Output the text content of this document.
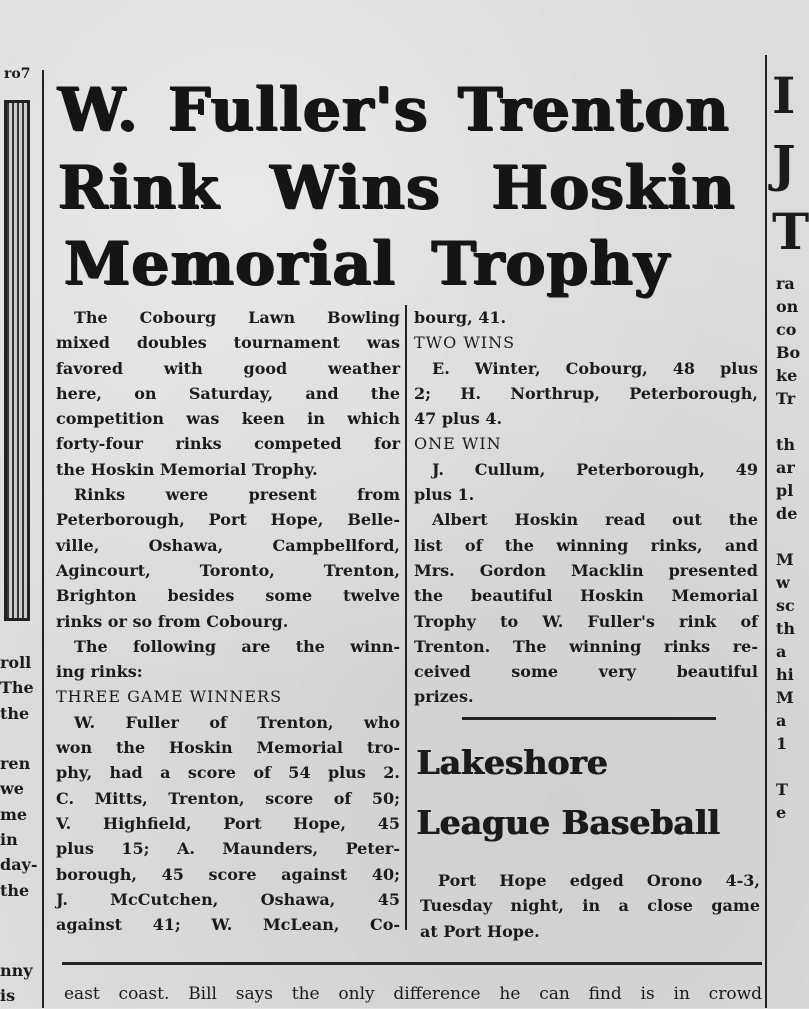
ro7
W. Fuller's Trenton
Rink Wins Hoskin
Memorial Trophy
The Cobourg Lawn Bowling
mixed doubles tournament was
favored with good weather
here, on Saturday, and the
competition was keen in which
forty-four rinks competed for
the Hoskin Memorial Trophy.
Rinks were present from
Peterborough, Port Hope, Belle-
ville, Oshawa, Campbellford,
Agincourt, Toronto, Trenton,
Brighton besides some twelve
rinks or so from Cobourg.
The following are the winn-
ing rinks:
THREE GAME WINNERS
W. Fuller of Trenton, who
won the Hoskin Memorial tro-
phy, had a score of 54 plus 2.
C. Mitts, Trenton, score of 50;
V. Highfield, Port Hope, 45
plus 15; A. Maunders, Peter-
borough, 45 score against 40;
J. McCutchen, Oshawa, 45
against 41; W. McLean, Co-
bourg, 41.
TWO WINS
E. Winter, Cobourg, 48 plus
2; H. Northrup, Peterborough,
47 plus 4.
ONE WIN
J. Cullum, Peterborough, 49
plus 1.
Albert Hoskin read out the
list of the winning rinks, and
Mrs. Gordon Macklin presented
the beautiful Hoskin Memorial
Trophy to W. Fuller's rink of
Trenton. The winning rinks re-
ceived some very beautiful
prizes.
Lakeshore
League Baseball
Port Hope edged Orono 4-3,
Tuesday night, in a close game
at Port Hope.
east coast. Bill says the only difference he can find is in crowd
roll
The
the
ren
we
me
in
day-
the
nny
is
I
J
T
ra
on
co
Bo
ke
Tr
th
ar
pl
de
M
w
sc
th
a
hi
M
a
1
T
e
